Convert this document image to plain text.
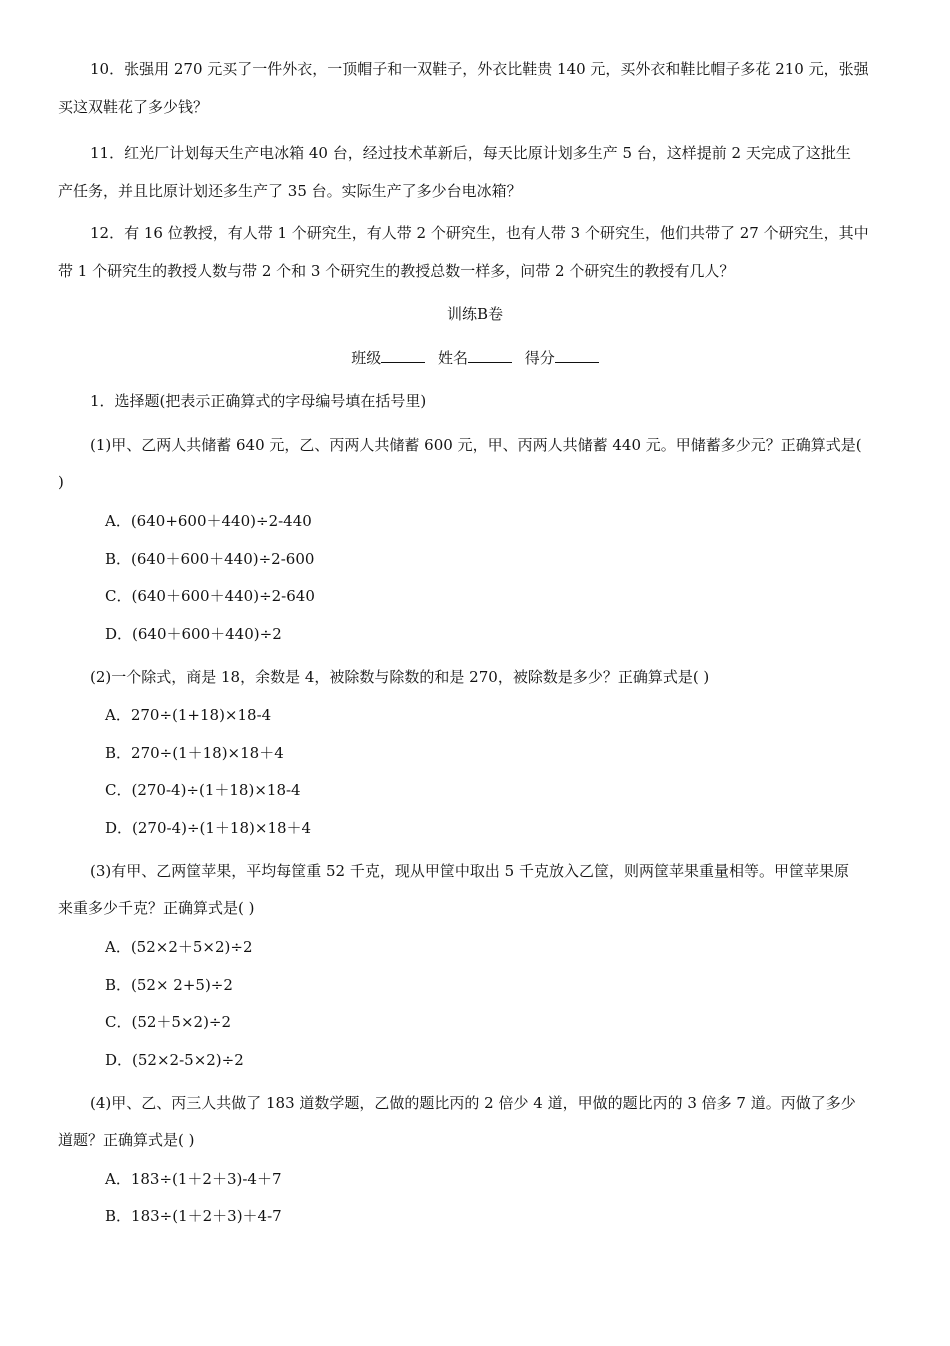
10．张强用 270 元买了一件外衣，一顶帽子和一双鞋子，外衣比鞋贵 140 元，买外衣和鞋比帽子多花 210 元，张强
买这双鞋花了多少钱？
11．红光厂计划每天生产电冰箱 40 台，经过技术革新后，每天比原计划多生产 5 台，这样提前 2 天完成了这批生
产任务，并且比原计划还多生产了 35 台。实际生产了多少台电冰箱？
12．有 16 位教授，有人带 1 个研究生，有人带 2 个研究生，也有人带 3 个研究生，他们共带了 27 个研究生，其中
带 1 个研究生的教授人数与带 2 个和 3 个研究生的教授总数一样多，问带 2 个研究生的教授有几人？
训练B卷
班级	姓名	得分
1．选择题(把表示正确算式的字母编号填在括号里)
(1)甲、乙两人共储蓄 640 元，乙、丙两人共储蓄 600 元，甲、丙两人共储蓄 440 元。甲储蓄多少元？正确算式是(
)
A．(640+600＋440)÷2-440
B．(640＋600＋440)÷2-600
C．(640＋600＋440)÷2-640
D．(640＋600＋440)÷2
(2)一个除式，商是 18，余数是 4，被除数与除数的和是 270，被除数是多少？正确算式是( )
A．270÷(1+18)×18-4
B．270÷(1＋18)×18＋4
C．(270-4)÷(1＋18)×18-4
D．(270-4)÷(1＋18)×18＋4
(3)有甲、乙两筐苹果，平均每筐重 52 千克，现从甲筐中取出 5 千克放入乙筐，则两筐苹果重量相等。甲筐苹果原
来重多少千克？正确算式是( )
A．(52×2＋5×2)÷2
B．(52× 2+5)÷2
C．(52＋5×2)÷2
D．(52×2-5×2)÷2
(4)甲、乙、丙三人共做了 183 道数学题，乙做的题比丙的 2 倍少 4 道，甲做的题比丙的 3 倍多 7 道。丙做了多少
道题？正确算式是( )
A．183÷(1＋2＋3)-4＋7
B．183÷(1＋2＋3)＋4-7
